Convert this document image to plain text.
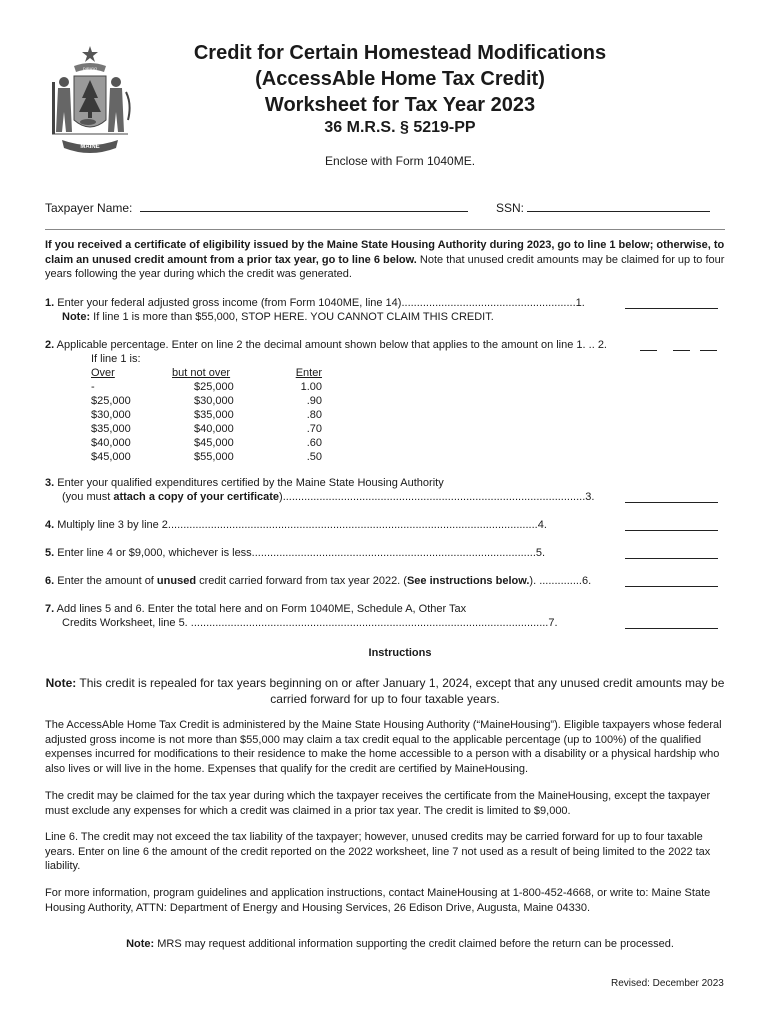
DIRIGO
MAINE
Credit for Certain Homestead Modifications
(AccessAble Home Tax Credit)
Worksheet for Tax Year 2023
36 M.R.S. § 5219-PP
Enclose with Form 1040ME.
Taxpayer Name:	SSN:
If you received a certificate of eligibility issued by the Maine State Housing Authority during 2023, go to line 1 below; otherwise, to claim an unused credit amount from a prior tax year, go to line 6 below. Note that unused credit amounts may be claimed for up to four years following the year during which the credit was generated.
1. Enter your federal adjusted gross income (from Form 1040ME, line 14).........................................................1.
Note: If line 1 is more than $55,000, STOP HERE. YOU CANNOT CLAIM THIS CREDIT.
2. Applicable percentage. Enter on line 2 the decimal amount shown below that applies to the amount on line 1. .. 2.
If line 1 is:
Over
-
$25,000
$30,000
$35,000
$40,000
$45,000
but not over
$25,000
$30,000
$35,000
$40,000
$45,000
$55,000
Enter
1.00
.90
.80
.70
.60
.50
3. Enter your qualified expenditures certified by the Maine State Housing Authority
(you must attach a copy of your certificate)...................................................................................................3.
4. Multiply line 3 by line 2.........................................................................................................................4.
5. Enter line 4 or $9,000, whichever is less.............................................................................................5.
6. Enter the amount of unused credit carried forward from tax year 2022. (See instructions below.). ..............6.
7. Add lines 5 and 6. Enter the total here and on Form 1040ME, Schedule A, Other Tax
Credits Worksheet, line 5. .....................................................................................................................7.
Instructions
Note: This credit is repealed for tax years beginning on or after January 1, 2024, except that any unused credit amounts may be carried forward for up to four taxable years.
The AccessAble Home Tax Credit is administered by the Maine State Housing Authority (“MaineHousing”). Eligible taxpayers whose federal adjusted gross income is not more than $55,000 may claim a tax credit equal to the applicable percentage (up to 100%) of the qualified expenses incurred for modifications to their residence to make the home accessible to a person with a disability or a physical hardship who also lives or will live in the home. Expenses that qualify for the credit are certified by MaineHousing.
The credit may be claimed for the tax year during which the taxpayer receives the certificate from the MaineHousing, except the taxpayer must exclude any expenses for which a credit was claimed in a prior tax year. The credit is limited to $9,000.
Line 6. The credit may not exceed the tax liability of the taxpayer; however, unused credits may be carried forward for up to four taxable years. Enter on line 6 the amount of the credit reported on the 2022 worksheet, line 7 not used as a result of being limited to the 2022 tax liability.
For more information, program guidelines and application instructions, contact MaineHousing at 1-800-452-4668, or write to: Maine State Housing Authority, ATTN: Department of Energy and Housing Services, 26 Edison Drive, Augusta, Maine 04330.
Note: MRS may request additional information supporting the credit claimed before the return can be processed.
Revised: December 2023
